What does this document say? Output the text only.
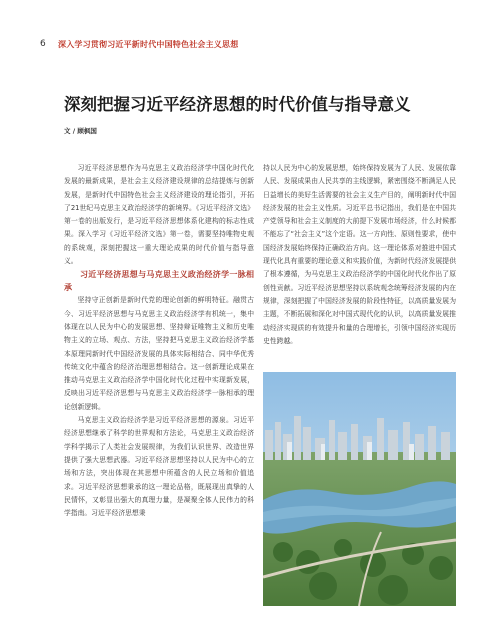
6	深入学习贯彻习近平新时代中国特色社会主义思想
深刻把握习近平经济思想的时代价值与指导意义
文 / 顾枫国

习近平经济思想作为马克思主义政治经济学中国化时代化发展的最新成果，是社会主义经济建设规律的总结提炼与创新发展，是新时代中国特色社会主义经济建设的理论指引，开拓了21世纪马克思主义政治经济学的新境界。《习近平经济文选》第一卷的出版发行，是习近平经济思想体系化建构的标志性成果。深入学习《习近平经济文选》第一卷，需要坚持唯物史观的系统观，深刻把握这一重大理论成果的时代价值与指导意义。

习近平经济思想与马克思主义政治经济学一脉相承

坚持守正创新是新时代党的理论创新的鲜明特征。融贯古今、习近平经济思想与马克思主义政治经济学有机统一，集中体现在以人民为中心的发展思想、坚持辩证唯物主义和历史唯物主义的立场、观点、方法，坚持把马克思主义政治经济学基本原理同新时代中国经济发展的具体实际相结合、同中华优秀传统文化中蕴含的经济治理思想相结合。这一创新理论成果在推动马克思主义政治经济学中国化时代化过程中实现新发展，反映出习近平经济思想与马克思主义政治经济学一脉相承的理论创新逻辑。

马克思主义政治经济学是习近平经济思想的源泉。习近平经济思想继承了科学的世界观和方法论，马克思主义政治经济学科学揭示了人类社会发展规律，为我们认识世界、改造世界提供了强大思想武器。习近平经济思想坚持以人民为中心的立场和方法，突出体现在其思想中所蕴含的人民立场和价值追求。习近平经济思想秉承的这一理论品格，既展现出真挚的人民情怀，又彰显出强大的真理力量，是凝聚全体人民伟力的科学指南。习近平经济思想秉

持以人民为中心的发展思想，始终保持发展为了人民、发展依靠人民、发展成果由人民共享的主线逻辑，紧密围绕不断满足人民日益增长的美好生活需要的社会主义生产目的，阐明新时代中国经济发展的社会主义性质。习近平总书记指出，我们是在中国共产党领导和社会主义制度的大前提下发展市场经济，什么时候都不能忘了“社会主义”这个定语。这一方向性、原则性要求，使中国经济发展始终保持正确政治方向。这一理论体系对推进中国式现代化具有重要的理论意义和实践价值，为新时代经济发展提供了根本遵循，为马克思主义政治经济学的中国化时代化作出了原创性贡献。习近平经济思想坚持以系统观念统筹经济发展的内在规律，深刻把握了中国经济发展的阶段性特征，以高质量发展为主题，不断拓展和深化对中国式现代化的认识，以高质量发展推动经济实现质的有效提升和量的合理增长，引领中国经济实现历史性跨越。
